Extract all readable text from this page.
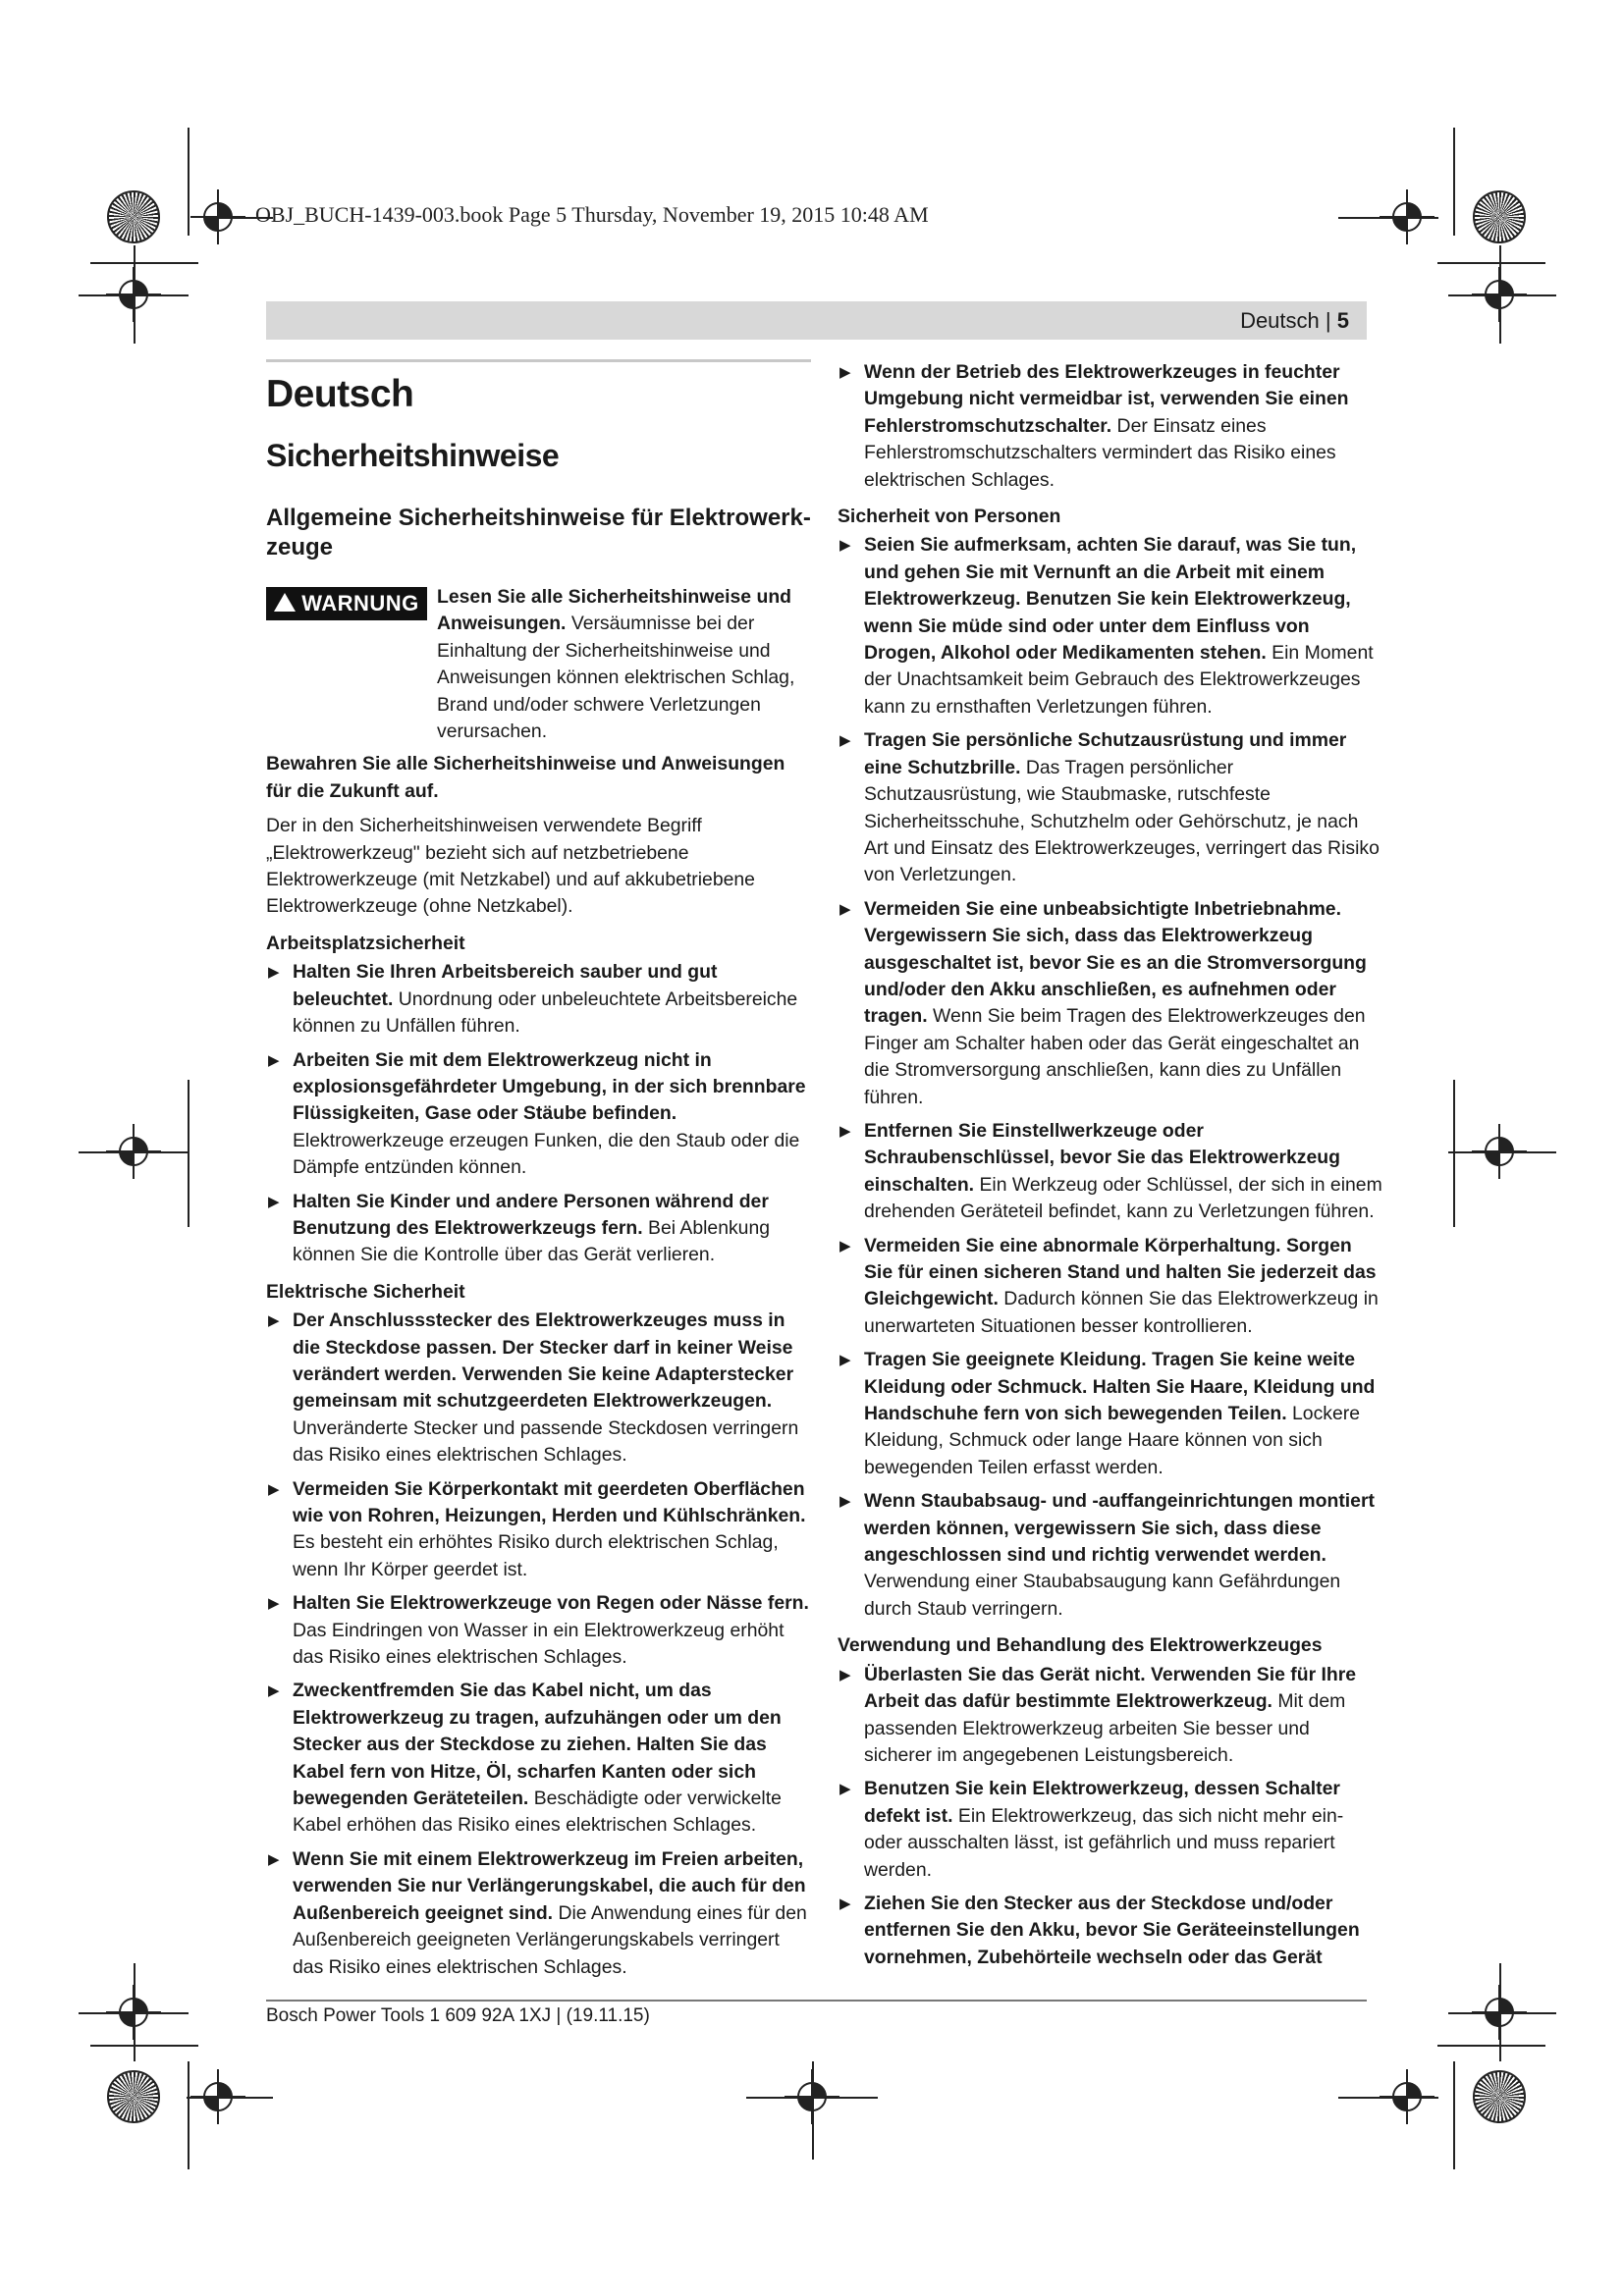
OBJ_BUCH-1439-003.book Page 5 Thursday, November 19, 2015 10:48 AM
Deutsch | 5
Deutsch
Sicherheitshinweise
Allgemeine Sicherheitshinweise für Elektrowerk-zeuge
WARNUNG Lesen Sie alle Sicherheitshinweise und Anweisungen. Versäumnisse bei der Einhaltung der Sicherheitshinweise und Anweisungen können elektrischen Schlag, Brand und/oder schwere Verletzungen verursachen.

Bewahren Sie alle Sicherheitshinweise und Anweisungen für die Zukunft auf.

Der in den Sicherheitshinweisen verwendete Begriff „Elektrowerkzeug" bezieht sich auf netzbetriebene Elektrowerkzeuge (mit Netzkabel) und auf akkubetriebene Elektrowerkzeuge (ohne Netzkabel).

Arbeitsplatzsicherheit
▶ Halten Sie Ihren Arbeitsbereich sauber und gut beleuchtet. Unordnung oder unbeleuchtete Arbeitsbereiche können zu Unfällen führen.
▶ Arbeiten Sie mit dem Elektrowerkzeug nicht in explosionsgefährdeter Umgebung, in der sich brennbare Flüssigkeiten, Gase oder Stäube befinden. Elektrowerkzeuge erzeugen Funken, die den Staub oder die Dämpfe entzünden können.
▶ Halten Sie Kinder und andere Personen während der Benutzung des Elektrowerkzeugs fern. Bei Ablenkung können Sie die Kontrolle über das Gerät verlieren.
Elektrische Sicherheit
▶ Der Anschlussstecker des Elektrowerkzeuges muss in die Steckdose passen. Der Stecker darf in keiner Weise verändert werden. Verwenden Sie keine Adapterstecker gemeinsam mit schutzgeerdeten Elektrowerkzeugen. Unveränderte Stecker und passende Steckdosen verringern das Risiko eines elektrischen Schlages.
▶ Vermeiden Sie Körperkontakt mit geerdeten Oberflächen wie von Rohren, Heizungen, Herden und Kühlschränken. Es besteht ein erhöhtes Risiko durch elektrischen Schlag, wenn Ihr Körper geerdet ist.
▶ Halten Sie Elektrowerkzeuge von Regen oder Nässe fern. Das Eindringen von Wasser in ein Elektrowerkzeug erhöht das Risiko eines elektrischen Schlages.
▶ Zweckentfremden Sie das Kabel nicht, um das Elektrowerkzeug zu tragen, aufzuhängen oder um den Stecker aus der Steckdose zu ziehen. Halten Sie das Kabel fern von Hitze, Öl, scharfen Kanten oder sich bewegenden Geräteteilen. Beschädigte oder verwickelte Kabel erhöhen das Risiko eines elektrischen Schlages.
▶ Wenn Sie mit einem Elektrowerkzeug im Freien arbeiten, verwenden Sie nur Verlängerungskabel, die auch für den Außenbereich geeignet sind. Die Anwendung eines für den Außenbereich geeigneten Verlängerungskabels verringert das Risiko eines elektrischen Schlages.
▶ Wenn der Betrieb des Elektrowerkzeuges in feuchter Umgebung nicht vermeidbar ist, verwenden Sie einen Fehlerstromschutzschalter. Der Einsatz eines Fehlerstromschutzschalters vermindert das Risiko eines elektrischen Schlages.
Sicherheit von Personen
▶ Seien Sie aufmerksam, achten Sie darauf, was Sie tun, und gehen Sie mit Vernunft an die Arbeit mit einem Elektrowerkzeug. Benutzen Sie kein Elektrowerkzeug, wenn Sie müde sind oder unter dem Einfluss von Drogen, Alkohol oder Medikamenten stehen. Ein Moment der Unachtsamkeit beim Gebrauch des Elektrowerkzeuges kann zu ernsthaften Verletzungen führen.
▶ Tragen Sie persönliche Schutzausrüstung und immer eine Schutzbrille. Das Tragen persönlicher Schutzausrüstung, wie Staubmaske, rutschfeste Sicherheitsschuhe, Schutzhelm oder Gehörschutz, je nach Art und Einsatz des Elektrowerkzeuges, verringert das Risiko von Verletzungen.
▶ Vermeiden Sie eine unbeabsichtigte Inbetriebnahme. Vergewissern Sie sich, dass das Elektrowerkzeug ausgeschaltet ist, bevor Sie es an die Stromversorgung und/oder den Akku anschließen, es aufnehmen oder tragen. Wenn Sie beim Tragen des Elektrowerkzeuges den Finger am Schalter haben oder das Gerät eingeschaltet an die Stromversorgung anschließen, kann dies zu Unfällen führen.
▶ Entfernen Sie Einstellwerkzeuge oder Schraubenschlüssel, bevor Sie das Elektrowerkzeug einschalten. Ein Werkzeug oder Schlüssel, der sich in einem drehenden Geräteteil befindet, kann zu Verletzungen führen.
▶ Vermeiden Sie eine abnormale Körperhaltung. Sorgen Sie für einen sicheren Stand und halten Sie jederzeit das Gleichgewicht. Dadurch können Sie das Elektrowerkzeug in unerwarteten Situationen besser kontrollieren.
▶ Tragen Sie geeignete Kleidung. Tragen Sie keine weite Kleidung oder Schmuck. Halten Sie Haare, Kleidung und Handschuhe fern von sich bewegenden Teilen. Lockere Kleidung, Schmuck oder lange Haare können von sich bewegenden Teilen erfasst werden.
▶ Wenn Staubabsaug- und -auffangeinrichtungen montiert werden können, vergewissern Sie sich, dass diese angeschlossen sind und richtig verwendet werden. Verwendung einer Staubabsaugung kann Gefährdungen durch Staub verringern.
Verwendung und Behandlung des Elektrowerkzeuges
▶ Überlasten Sie das Gerät nicht. Verwenden Sie für Ihre Arbeit das dafür bestimmte Elektrowerkzeug. Mit dem passenden Elektrowerkzeug arbeiten Sie besser und sicherer im angegebenen Leistungsbereich.
▶ Benutzen Sie kein Elektrowerkzeug, dessen Schalter defekt ist. Ein Elektrowerkzeug, das sich nicht mehr ein- oder ausschalten lässt, ist gefährlich und muss repariert werden.
▶ Ziehen Sie den Stecker aus der Steckdose und/oder entfernen Sie den Akku, bevor Sie Geräteeinstellungen vornehmen, Zubehörteile wechseln oder das Gerät
Bosch Power Tools 1 609 92A 1XJ | (19.11.15)
